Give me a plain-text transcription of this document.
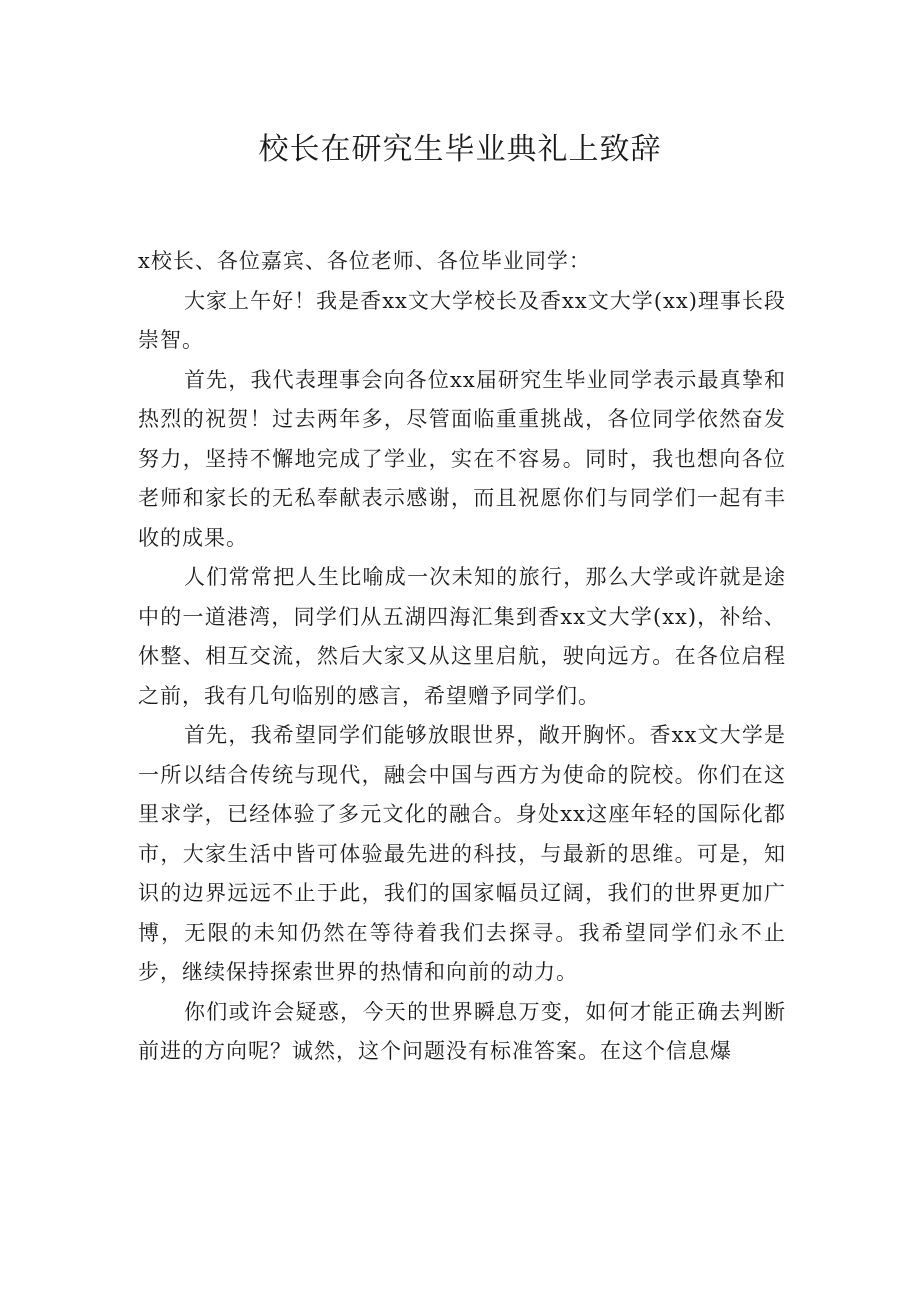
校长在研究生毕业典礼上致辞

x校长、各位嘉宾、各位老师、各位毕业同学：

大家上午好！我是香xx文大学校长及香xx文大学(xx)理事长段崇智。

首先，我代表理事会向各位xx届研究生毕业同学表示最真挚和热烈的祝贺！过去两年多，尽管面临重重挑战，各位同学依然奋发努力，坚持不懈地完成了学业，实在不容易。同时，我也想向各位老师和家长的无私奉献表示感谢，而且祝愿你们与同学们一起有丰收的成果。

人们常常把人生比喻成一次未知的旅行，那么大学或许就是途中的一道港湾，同学们从五湖四海汇集到香xx文大学(xx)，补给、休整、相互交流，然后大家又从这里启航，驶向远方。在各位启程之前，我有几句临别的感言，希望赠予同学们。

首先，我希望同学们能够放眼世界，敞开胸怀。香xx文大学是一所以结合传统与现代，融会中国与西方为使命的院校。你们在这里求学，已经体验了多元文化的融合。身处xx这座年轻的国际化都市，大家生活中皆可体验最先进的科技，与最新的思维。可是，知识的边界远远不止于此，我们的国家幅员辽阔，我们的世界更加广博，无限的未知仍然在等待着我们去探寻。我希望同学们永不止步，继续保持探索世界的热情和向前的动力。

你们或许会疑惑，今天的世界瞬息万变，如何才能正确去判断前进的方向呢？诚然，这个问题没有标准答案。在这个信息爆
